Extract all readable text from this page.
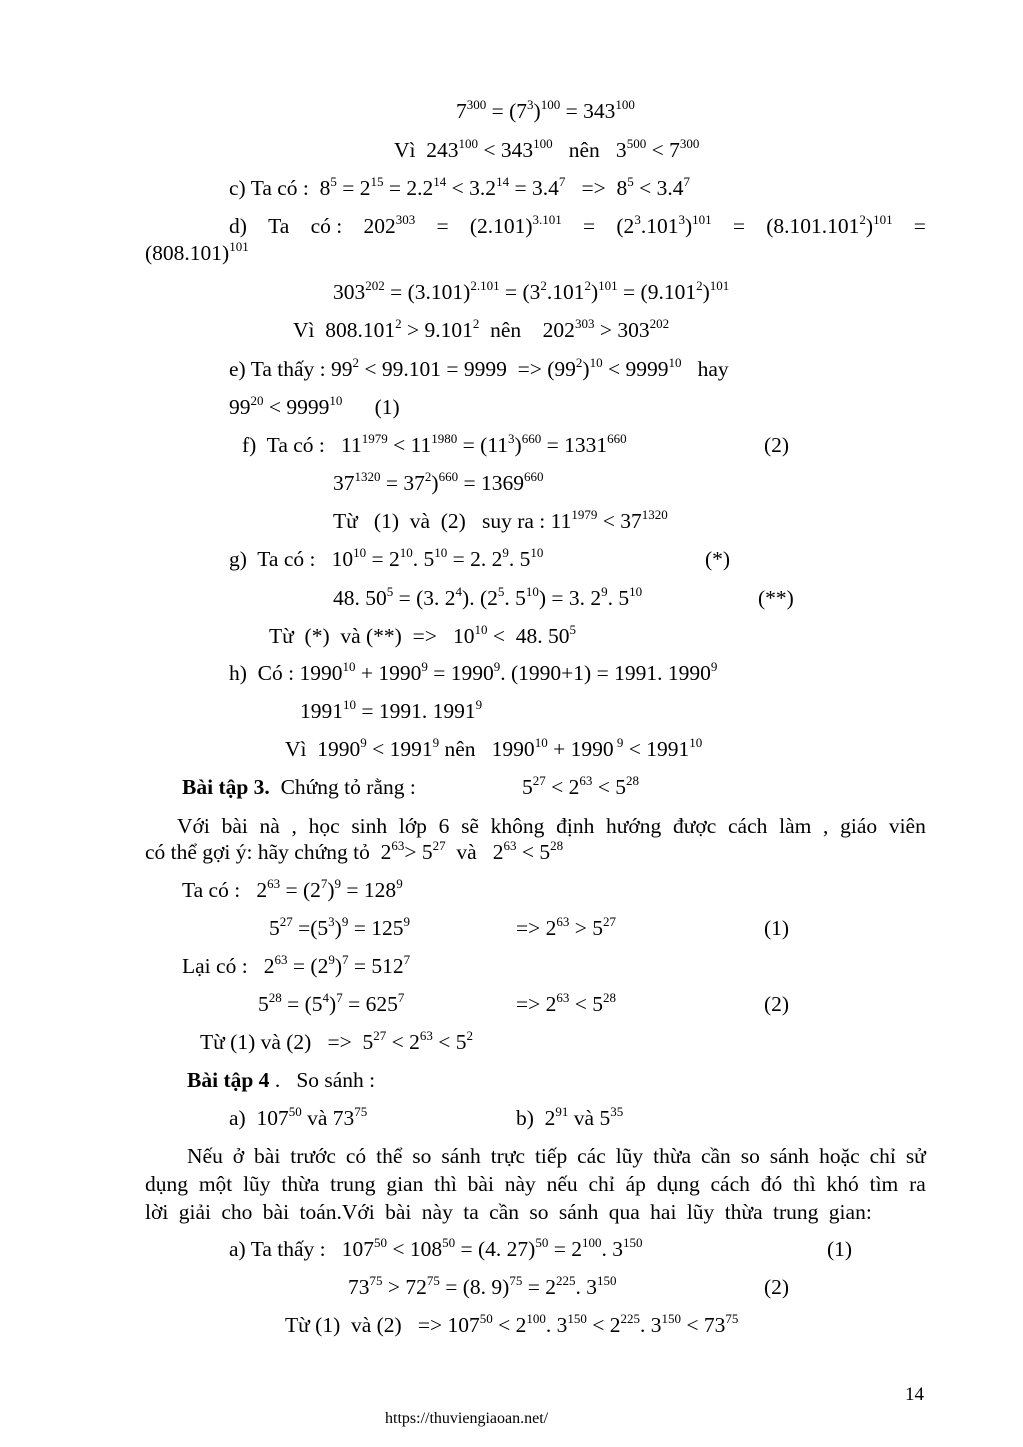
$7^{300} = (7^3)^{100} = 343^{100}$
Vì  $243^{100} < 343^{100}$   nên   $3^{500} < 7^{300}$
c) Ta có :  $8^5 = 2^{15} = 2.2^{14} < 3.2^{14} = 3.4^7 => 8^5 < 3.4^7$
d) Ta có : $202^{303} = (2.101)^{3.101} = (2^3.101^3)^{101} = (8.101.101^2)^{101}$ =
$(808.101)^{101}$
$303^{202} = (3.101)^{2.101} = (3^2.101^2)^{101} = (9.101^2)^{101}$
Vì  $808.101^2 > 9.101^2$  nên    $202^{303} > 303^{202}$
e) Ta thấy : $99^2 < 99.101 = 9999 => (99^2)^{10} < 9999^{10}$   hay
$99^{20} < 9999^{10}$      (1)
f)  Ta có :   $11^{1979} < 11^{1980} = (11^3)^{660} = 1331^{660}$	(2)
$37^{1320} = 37^2)^{660} = 1369^{660}$
Từ   (1)  và  (2)   suy ra : $11^{1979} < 37^{1320}$
g)  Ta có :   $10^{10} = 2^{10}$. $5^{10} = 2$. $2^9$. $5^{10}$	(*)
48. $50^5 = (3$. $2^4$). ($2^5$. $5^{10}) = 3$. $2^9$. $5^{10}$	(**)
Từ  (*)  và (**)  =>   $10^{10} < 48$. $50^5$
h)  Có : $1990^{10} + 1990^9 = 1990^9$. (1990+1) = 1991. 1990$^9$
$1991^{10} = 1991$. 1991$^9$
Vì  $1990^9 < 1991^9$ nên   $1990^{10} + 1990$ $^9 < 1991^{10}$
Bài tập 3.  Chứng tỏ rằng :	$5^{27} < 2^{63} < 5^{28}$
Với bài nà , học sinh lớp 6 sẽ không định hướng được cách làm , giáo viên
có thể gợi ý: hãy chứng tỏ  $2^{63}> 5^{27}$  và   $2^{63} < 5^{28}$
Ta có :   $2^{63} = (2^7)^9 = 128^9$
$5^{27} =(5^3)^9 = 125^9$	=> $2^{63} > 5^{27}$	(1)
Lại có :   $2^{63} = (2^9)^7 = 512^7$
$5^{28} = (5^4)^7 = 625^7$	=> $2^{63} < 5^{28}$	(2)
Từ (1) và $(2) => 5^{27} < 2^{63} < 5^2$
Bài tập 4 .   So sánh :
a)  $107^{50}$ và $73^{75}$	b)  $2^{91}$ và $5^{35}$
Nếu ở bài trước có thể so sánh trực tiếp các lũy thừa cần so sánh hoặc chỉ sử
dụng một lũy thừa trung gian thì bài này nếu chỉ áp dụng cách đó thì khó tìm ra
lời giải cho bài toán.Với bài này ta cần so sánh qua hai lũy thừa trung gian:
a) Ta thấy :   $107^{50} < 108^{50} = (4$. $27)^{50} = 2^{100}$. $3^{150}$	(1)
$73^{75} > 72^{75} = (8$. $9)^{75} = 2^{225}$. $3^{150}$	(2)
Từ (1)  và $(2) => 107^{50} < 2^{100}$. $3^{150} < 2^{225}$. $3^{150} < 73^{75}$
14
https://thuviengiaoan.net/
